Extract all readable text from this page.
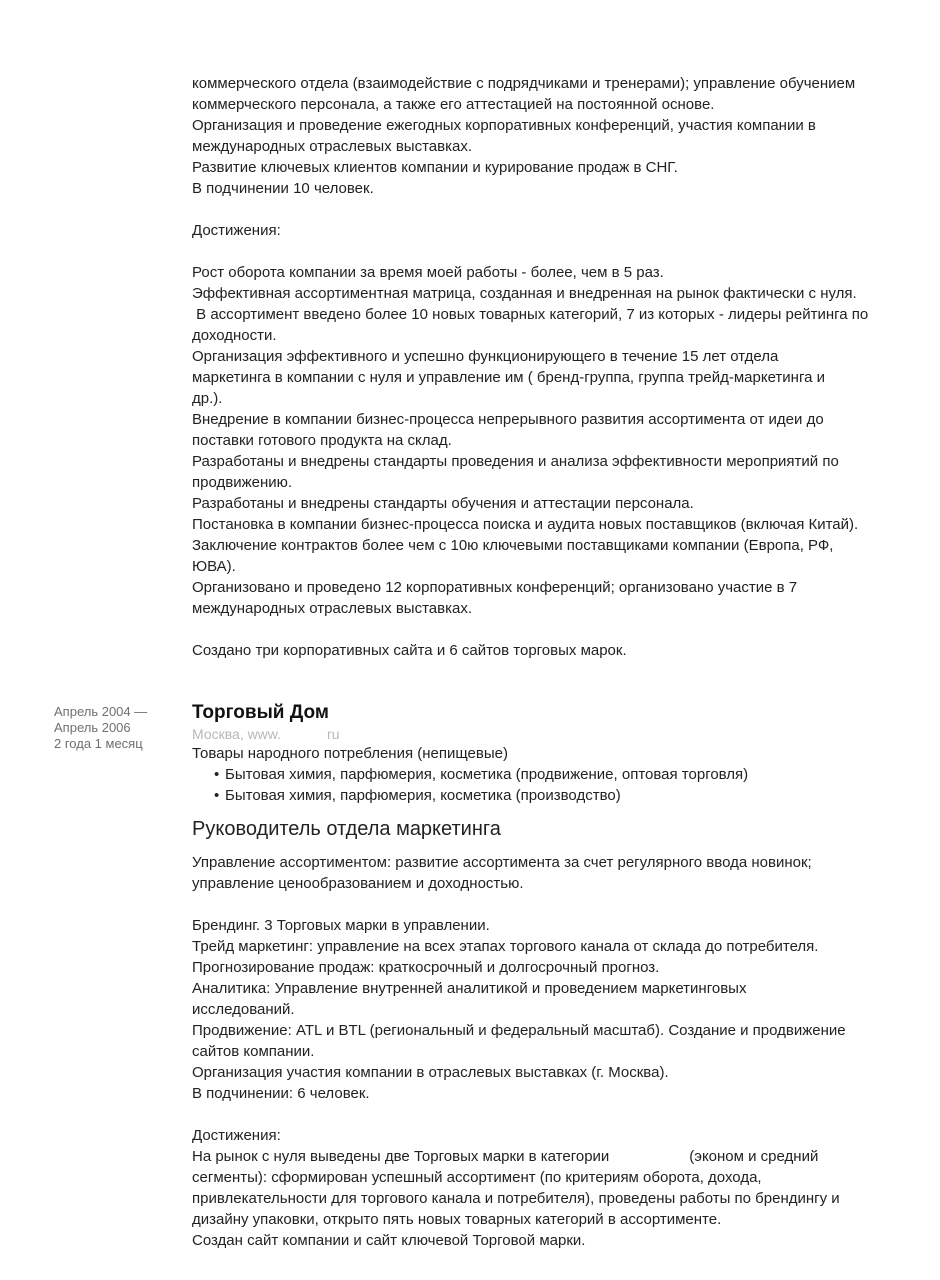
коммерческого отдела (взаимодействие с подрядчиками и тренерами); управление обучением

коммерческого персонала, а также его аттестацией на постоянной основе.

Организация и проведение ежегодных корпоративных конференций, участия компании в

международных отраслевых выставках.

Развитие ключевых клиентов компании и курирование продаж в СНГ.

В подчинении 10 человек.

Достижения:

Рост оборота компании за время моей работы - более, чем в 5 раз.

Эффективная ассортиментная матрица, созданная и внедренная на рынок фактически с нуля.

В ассортимент введено более 10 новых товарных категорий, 7 из которых - лидеры рейтинга по

доходности.

Организация эффективного и успешно функционирующего в течение 15 лет отдела

маркетинга в компании с нуля и управление им ( бренд-группа, группа трейд-маркетинга и

др.).

Внедрение в компании бизнес-процесса непрерывного развития ассортимента от идеи до

поставки готового продукта на склад.

Разработаны и внедрены стандарты проведения и анализа эффективности мероприятий по

продвижению.

Разработаны и внедрены стандарты обучения и аттестации персонала.

Постановка в компании бизнес-процесса поиска и аудита новых поставщиков (включая Китай).

Заключение контрактов более чем с 10ю ключевыми поставщиками компании (Европа, РФ,

ЮВА).

Организовано и проведено 12 корпоративных конференций; организовано участие в 7

международных отраслевых выставках.

Создано три корпоративных сайта и 6 сайтов торговых марок.

Апрель 2004 —

Апрель 2006

2 года 1 месяц

Торговый Дом

Москва, www.	ru

Товары народного потребления (непищевые)

• Бытовая химия, парфюмерия, косметика (продвижение, оптовая торговля)

• Бытовая химия, парфюмерия, косметика (производство)

Руководитель отдела маркетинга

Управление ассортиментом: развитие ассортимента за счет регулярного ввода новинок;

управление ценообразованием и доходностью.

Брендинг. 3 Торговых марки в управлении.

Трейд маркетинг: управление на всех этапах торгового канала от склада до потребителя.

Прогнозирование продаж: краткосрочный и долгосрочный прогноз.

Аналитика: Управление внутренней аналитикой и проведением маркетинговых

исследований.

Продвижение: ATL и BTL (региональный и федеральный масштаб). Создание и продвижение

сайтов компании.

Организация участия компании в отраслевых выставках (г. Москва).

В подчинении: 6 человек.

Достижения:

На рынок с нуля выведены две Торговых марки в категории	(эконом и средний

сегменты): сформирован успешный ассортимент (по критериям оборота, дохода,

привлекательности для торгового канала и потребителя), проведены работы по брендингу и

дизайну упаковки, открыто пять новых товарных категорий в ассортименте.

Создан сайт компании и сайт ключевой Торговой марки.
